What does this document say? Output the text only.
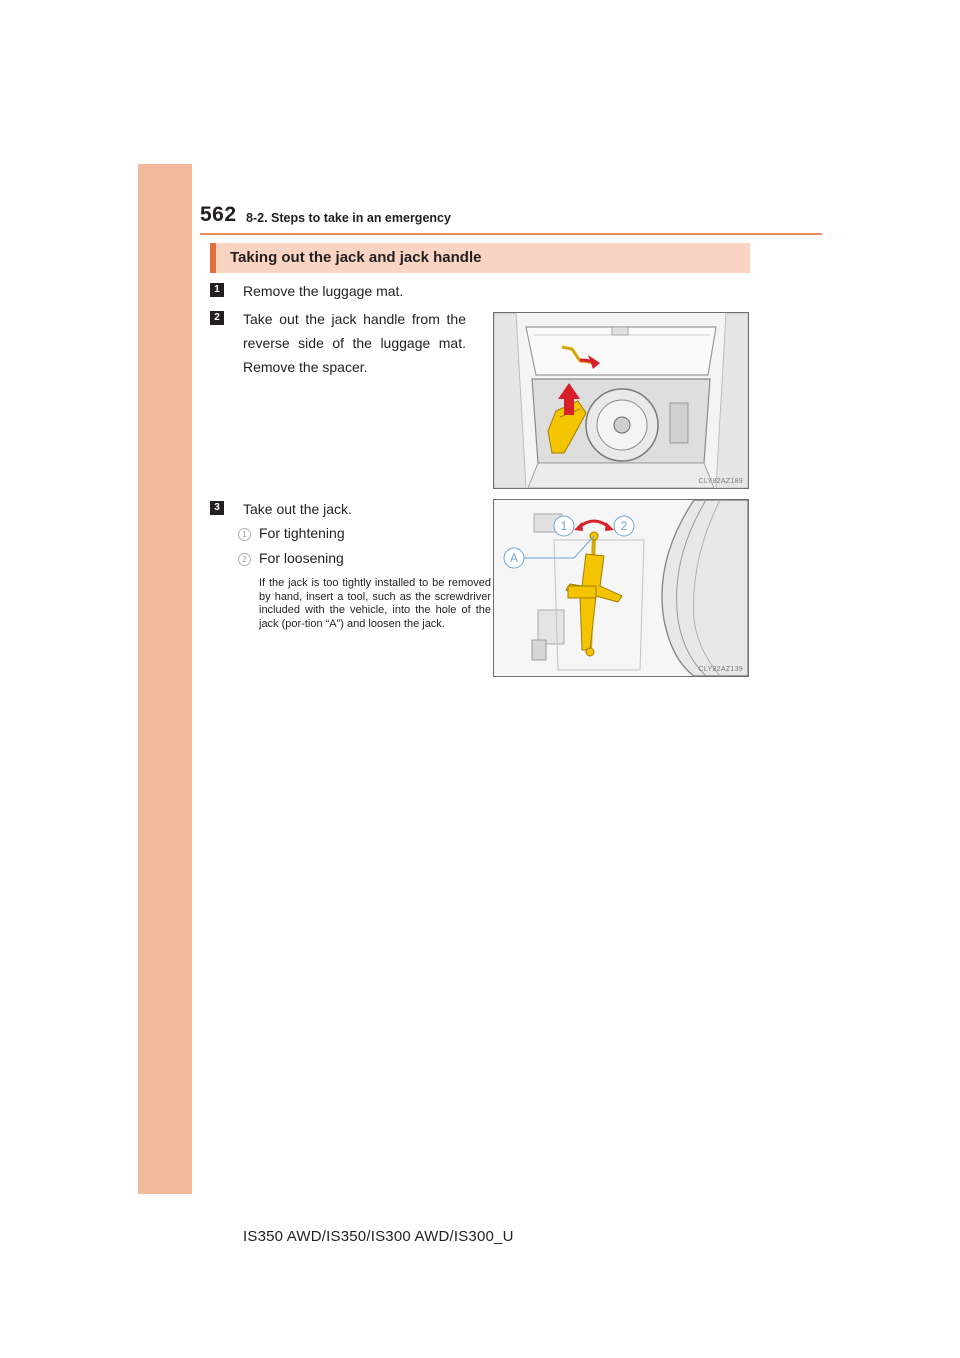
562 8-2. Steps to take in an emergency
Taking out the jack and jack handle
1	Remove the luggage mat.
2	Take out the jack handle from the reverse side of the luggage mat. Remove the spacer.
3	Take out the jack.
1 For tightening
2 For loosening
If the jack is too tightly installed to be removed by hand, insert a tool, such as the screwdriver included with the vehicle, into the hole of the jack (por-tion “A”) and loosen the jack.
CLY82AZ189
1	2
A
CLY82AZ139
IS350 AWD/IS350/IS300 AWD/IS300_U
